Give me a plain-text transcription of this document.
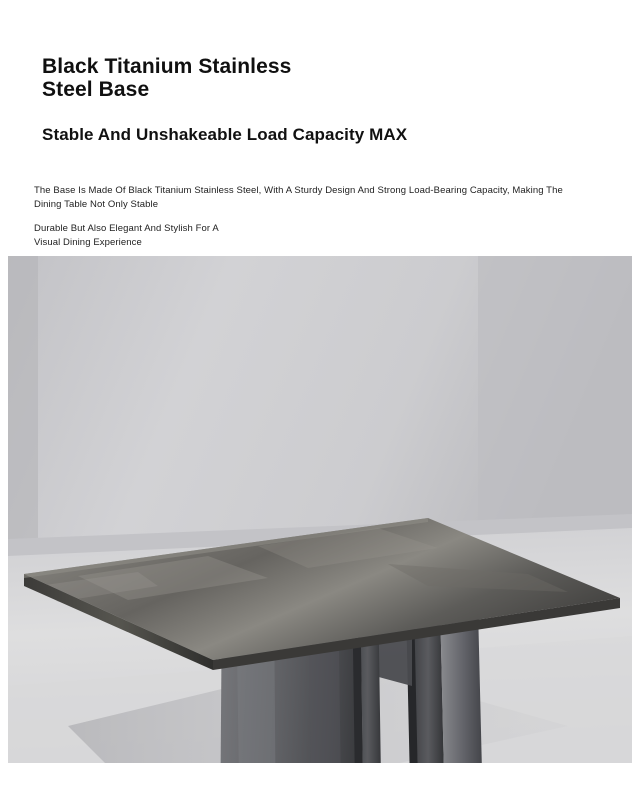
Black Titanium Stainless
Steel Base
Stable And Unshakeable Load Capacity MAX
The Base Is Made Of Black Titanium Stainless Steel, With A Sturdy Design And Strong Load-Bearing Capacity, Making The Dining Table Not Only Stable
Durable But Also Elegant And Stylish For A
Visual Dining Experience
